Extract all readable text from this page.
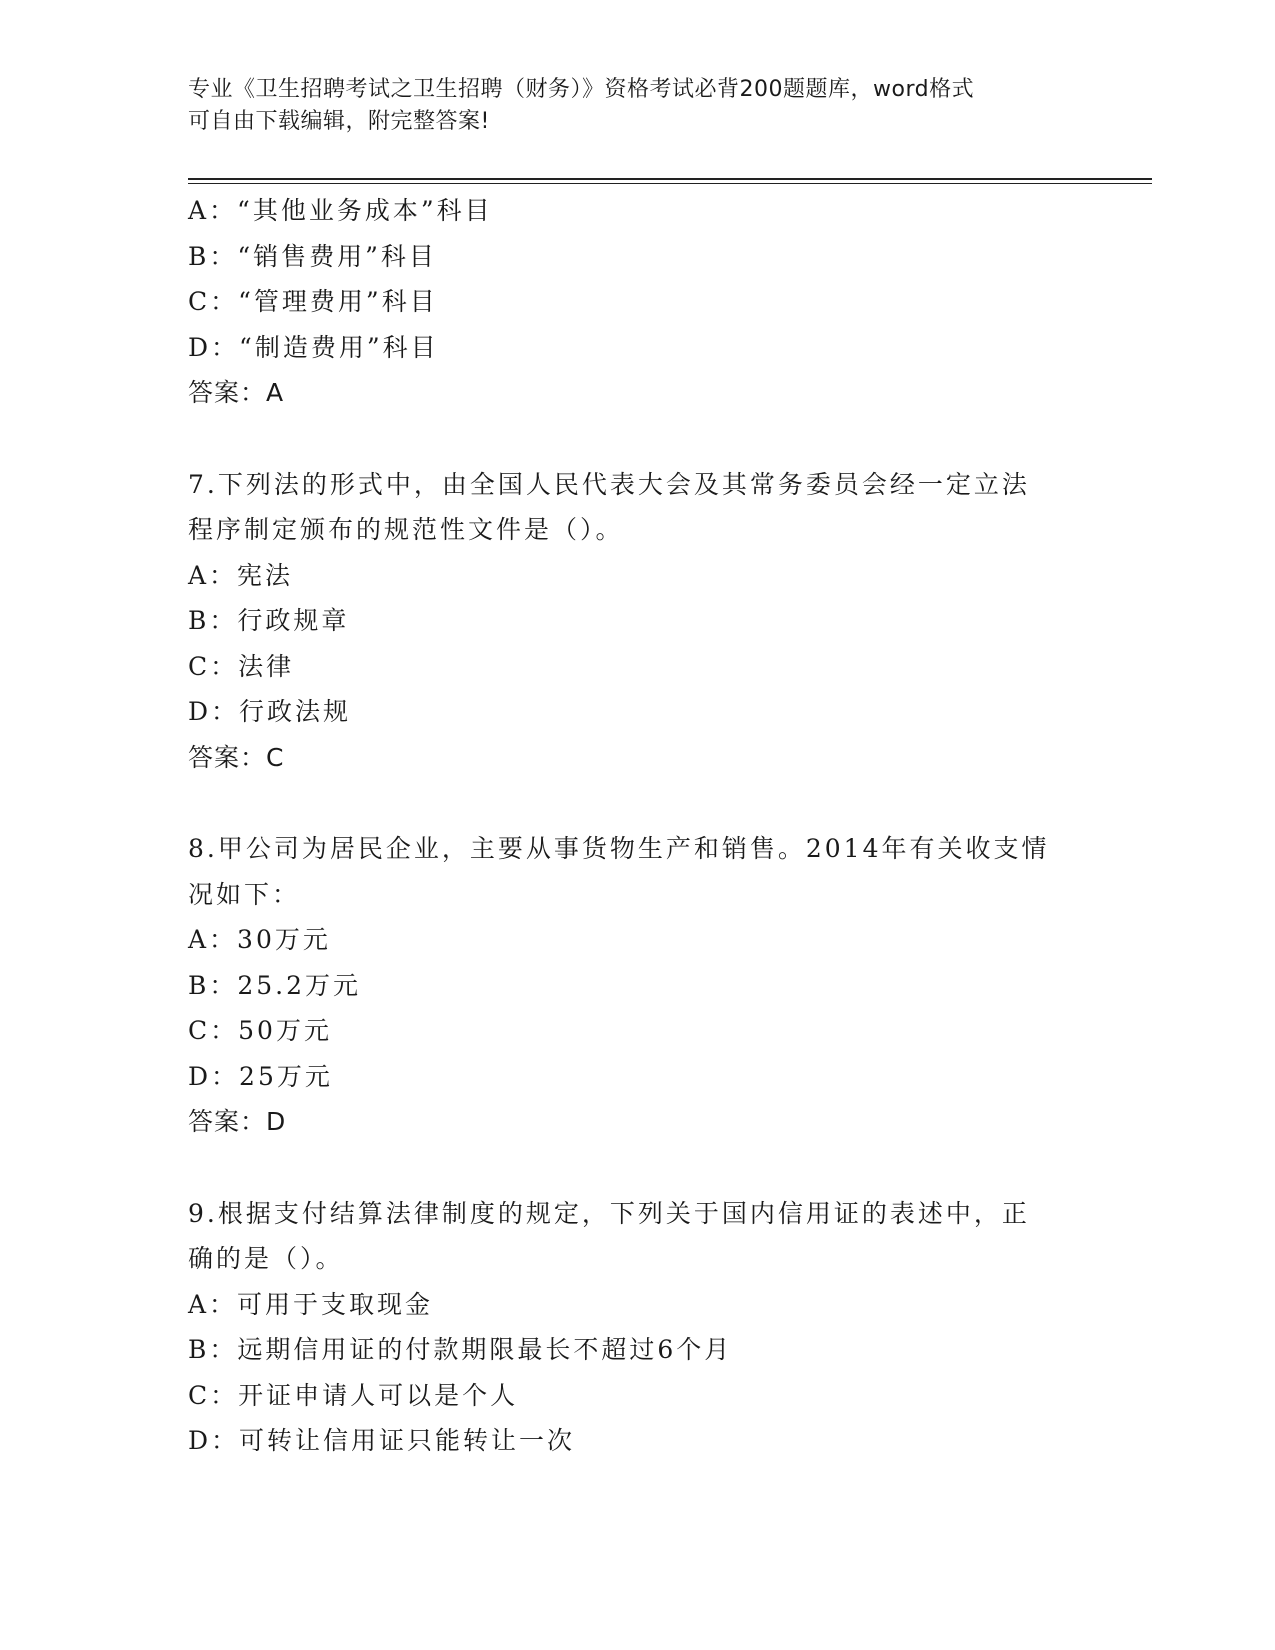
专业《卫生招聘考试之卫生招聘（财务）》资格考试必背200题题库，word格式
可自由下载编辑，附完整答案!
A：“其他业务成本”科目
B：“销售费用”科目
C：“管理费用”科目
D：“制造费用”科目
答案：A
7.下列法的形式中，由全国人民代表大会及其常务委员会经一定立法
程序制定颁布的规范性文件是（）。
A：宪法
B：行政规章
C：法律
D：行政法规
答案：C
8.甲公司为居民企业，主要从事货物生产和销售。2014年有关收支情
况如下：
A：30万元
B：25.2万元
C：50万元
D：25万元
答案：D
9.根据支付结算法律制度的规定，下列关于国内信用证的表述中，正
确的是（）。
A：可用于支取现金
B：远期信用证的付款期限最长不超过6个月
C：开证申请人可以是个人
D：可转让信用证只能转让一次
